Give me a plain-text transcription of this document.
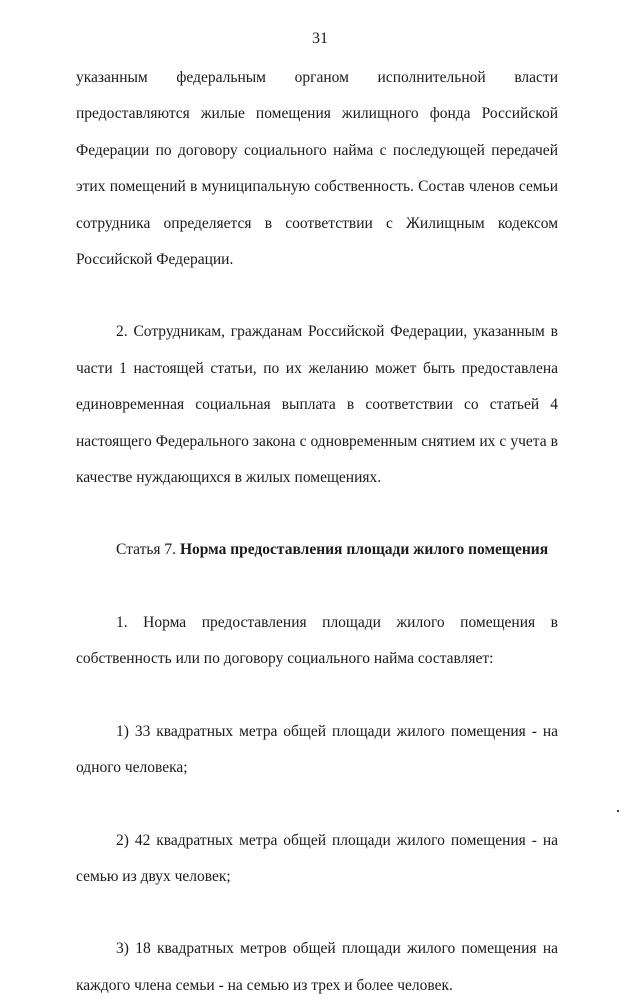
31

указанным федеральным органом исполнительной власти предоставляются жилые помещения жилищного фонда Российской Федерации по договору социального найма с последующей передачей этих помещений в муниципальную собственность. Состав членов семьи сотрудника определяется в соответствии с Жилищным кодексом Российской Федерации.

2. Сотрудникам, гражданам Российской Федерации, указанным в части 1 настоящей статьи, по их желанию может быть предоставлена единовременная социальная выплата в соответствии со статьей 4 настоящего Федерального закона с одновременным снятием их с учета в качестве нуждающихся в жилых помещениях.

Статья 7. Норма предоставления площади жилого помещения

1. Норма предоставления площади жилого помещения в собственность или по договору социального найма составляет:

1) 33 квадратных метра общей площади жилого помещения - на одного человека;

2) 42 квадратных метра общей площади жилого помещения - на семью из двух человек;

3) 18 квадратных метров общей площади жилого помещения на каждого члена семьи - на семью из трех и более человек.
